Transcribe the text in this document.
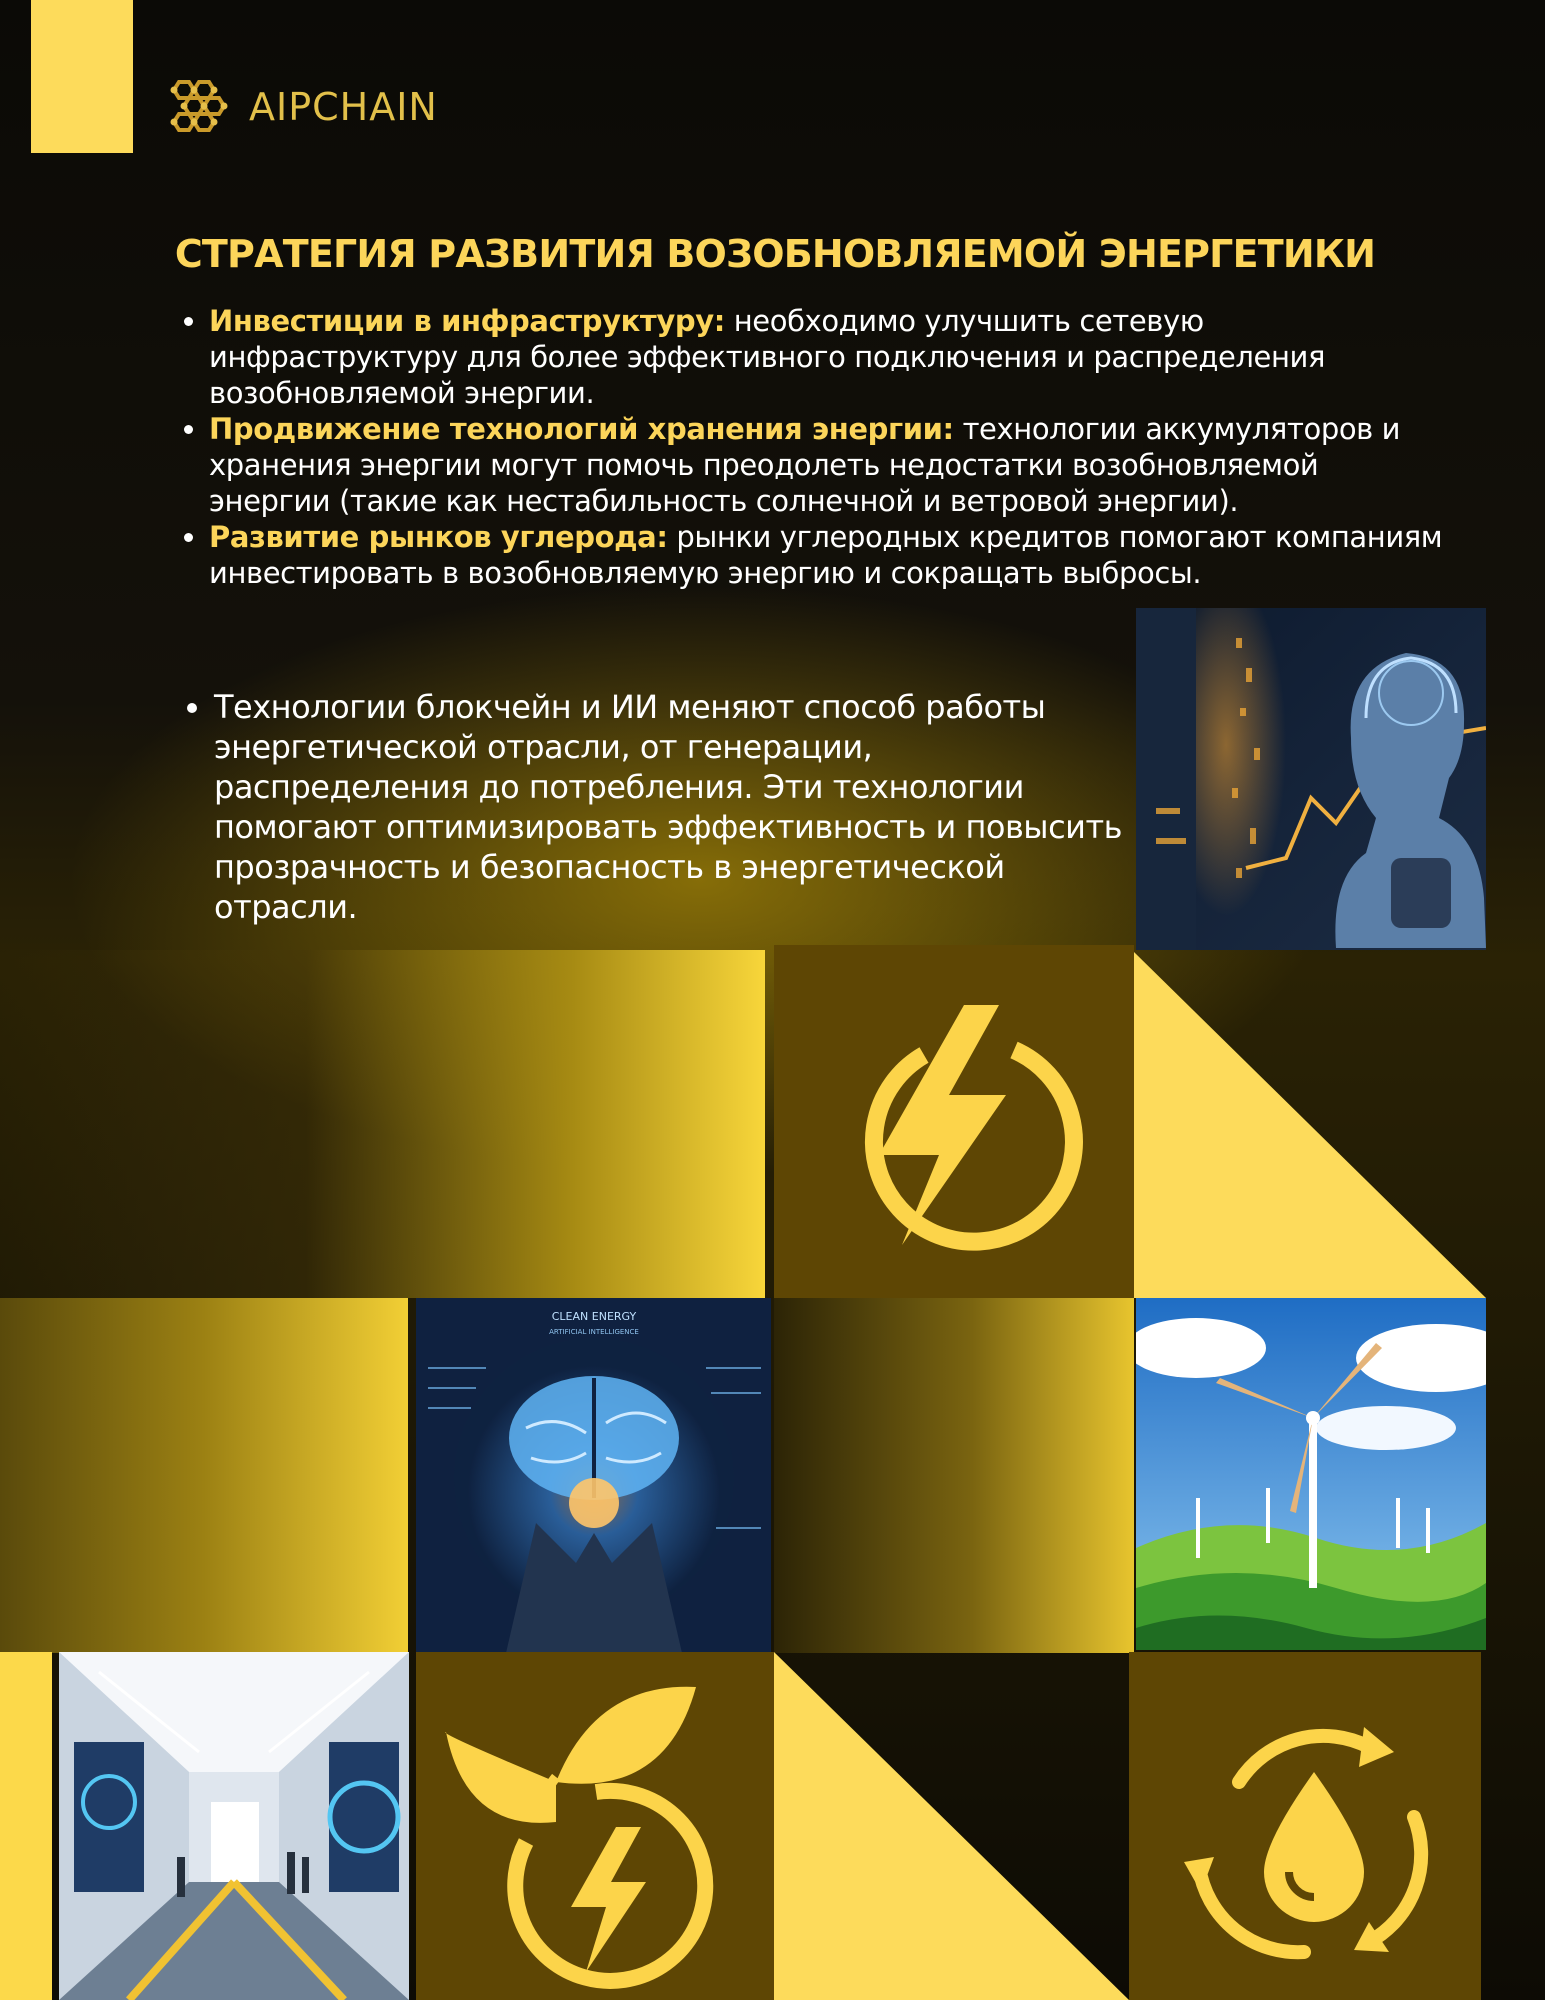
AIPCHAIN
СТРАТЕГИЯ РАЗВИТИЯ ВОЗОБНОВЛЯЕМОЙ ЭНЕРГЕТИКИ
• Инвестиции в инфраструктуру: необходимо улучшить сетевую инфраструктуру для более эффективного подключения и распределения возобновляемой энергии.
• Продвижение технологий хранения энергии: технологии аккумуляторов и хранения энергии могут помочь преодолеть недостатки возобновляемой энергии (такие как нестабильность солнечной и ветровой энергии).
• Развитие рынков углерода: рынки углеродных кредитов помогают компаниям инвестировать в возобновляемую энергию и сокращать выбросы.
• Технологии блокчейн и ИИ меняют способ работы энергетической отрасли, от генерации, распределения до потребления. Эти технологии помогают оптимизировать эффективность и повысить прозрачность и безопасность в энергетической отрасли.
CLEAN ENERGY
ARTIFICIAL INTELLIGENCE
